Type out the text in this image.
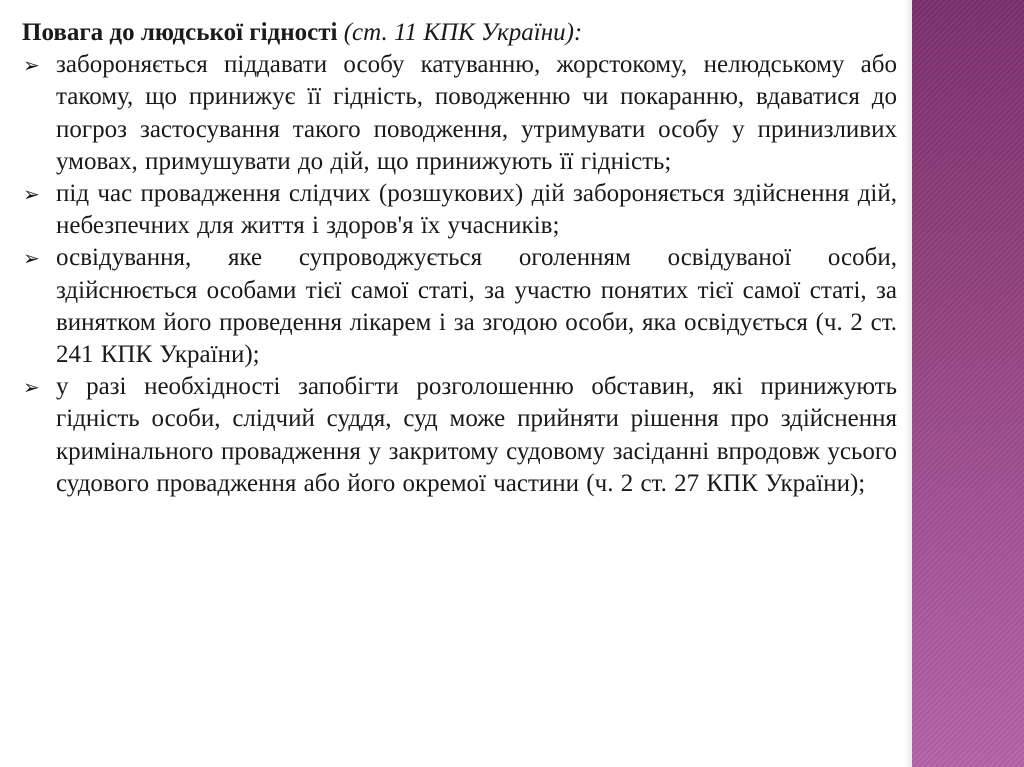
Повага до людської гідності (ст. 11 КПК України):

➢ забороняється піддавати особу катуванню, жорстокому, нелюдському або такому, що принижує її гідність, поводженню чи покаранню, вдаватися до погроз застосування такого поводження, утримувати особу у принизливих умовах, примушувати до дій, що принижують її гідність;
➢ під час провадження слідчих (розшукових) дій забороняється здійснення дій, небезпечних для життя і здоров'я їх учасників;
➢ освідування, яке супроводжується оголенням освідуваної особи, здійснюється особами тієї самої статі, за участю понятих тієї самої статі, за винятком його проведення лікарем і за згодою особи, яка освідується (ч. 2 ст. 241 КПК України);
➢ у разі необхідності запобігти розголошенню обставин, які принижують гідність особи, слідчий суддя, суд може прийняти рішення про здійснення кримінального провадження у закритому судовому засіданні впродовж усього судового провадження або його окремої частини (ч. 2 ст. 27 КПК України);
